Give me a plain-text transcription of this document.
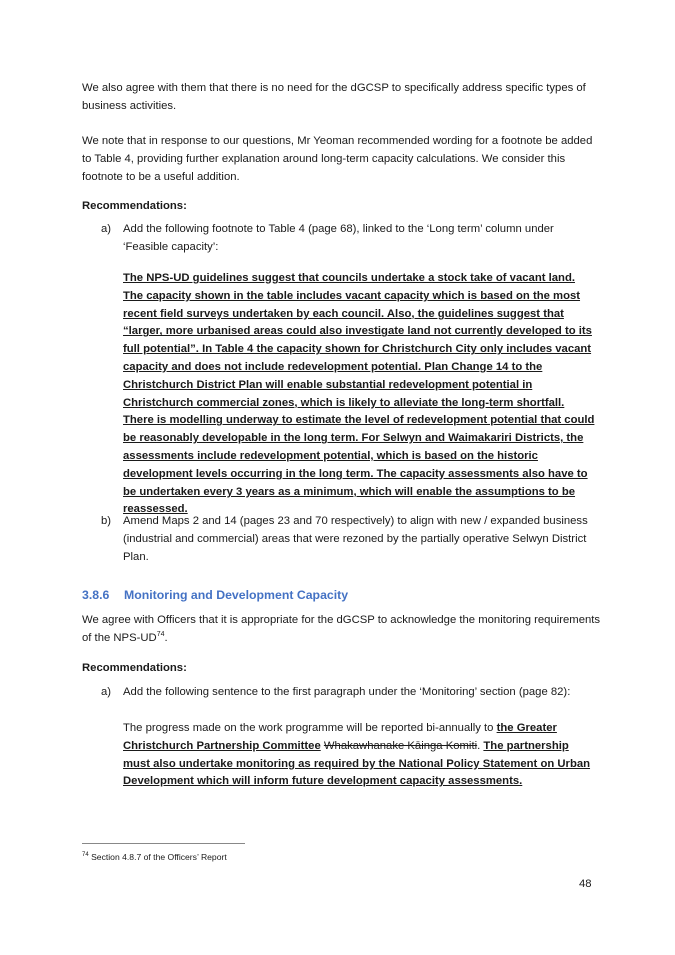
We also agree with them that there is no need for the dGCSP to specifically address specific types of business activities.

We note that in response to our questions, Mr Yeoman recommended wording for a footnote be added to Table 4, providing further explanation around long-term capacity calculations. We consider this footnote to be a useful addition.

Recommendations:

a) Add the following footnote to Table 4 (page 68), linked to the ‘Long term’ column under ‘Feasible capacity’:

The NPS-UD guidelines suggest that councils undertake a stock take of vacant land. The capacity shown in the table includes vacant capacity which is based on the most recent field surveys undertaken by each council. Also, the guidelines suggest that “larger, more urbanised areas could also investigate land not currently developed to its full potential”. In Table 4 the capacity shown for Christchurch City only includes vacant capacity and does not include redevelopment potential. Plan Change 14 to the Christchurch District Plan will enable substantial redevelopment potential in Christchurch commercial zones, which is likely to alleviate the long-term shortfall. There is modelling underway to estimate the level of redevelopment potential that could be reasonably developable in the long term. For Selwyn and Waimakariri Districts, the assessments include redevelopment potential, which is based on the historic development levels occurring in the long term. The capacity assessments also have to be undertaken every 3 years as a minimum, which will enable the assumptions to be reassessed.

b) Amend Maps 2 and 14 (pages 23 and 70 respectively) to align with new / expanded business (industrial and commercial) areas that were rezoned by the partially operative Selwyn District Plan.

3.8.6 Monitoring and Development Capacity

We agree with Officers that it is appropriate for the dGCSP to acknowledge the monitoring requirements of the NPS-UD$^{74}$.

Recommendations:

a) Add the following sentence to the first paragraph under the ‘Monitoring’ section (page 82):

The progress made on the work programme will be reported bi-annually to the Greater Christchurch Partnership Committee Whakawhanake Kāinga Komiti. The partnership must also undertake monitoring as required by the National Policy Statement on Urban Development which will inform future development capacity assessments.

$^{74}$ Section 4.8.7 of the Officers’ Report

48
